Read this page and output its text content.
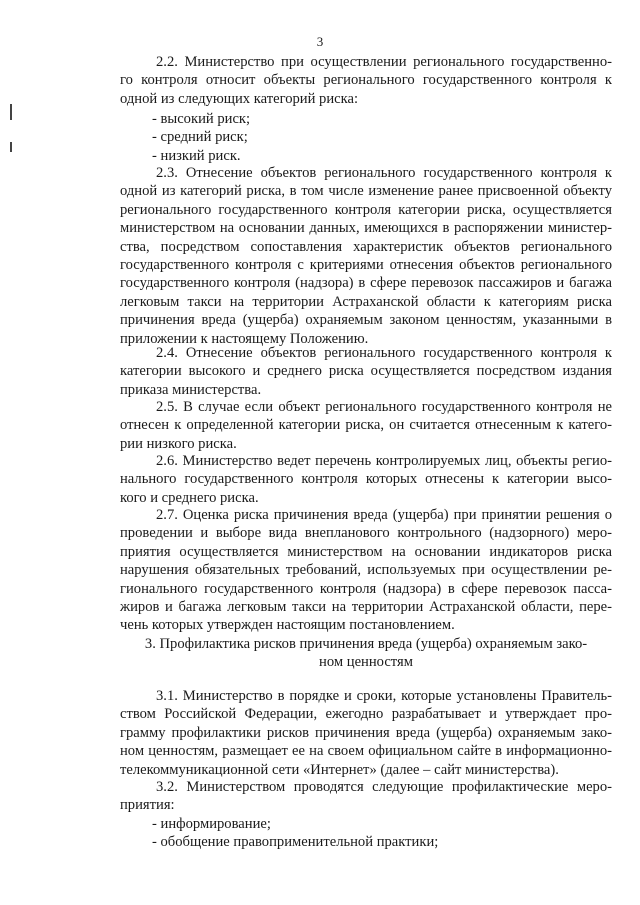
3
2.2. Министерство при осуществлении регионального государственно-
го контроля относит объекты регионального государственного контроля к
одной из следующих категорий риска:
- высокий риск;
- средний риск;
- низкий риск.
2.3. Отнесение объектов регионального государственного контроля к
одной из категорий риска, в том числе изменение ранее присвоенной объекту
регионального государственного контроля категории риска, осуществляется
министерством на основании данных, имеющихся в распоряжении министер-
ства, посредством сопоставления характеристик объектов регионального
государственного контроля с критериями отнесения объектов регионального
государственного контроля (надзора) в сфере перевозок пассажиров и багажа
легковым такси на территории Астраханской области к категориям риска
причинения вреда (ущерба) охраняемым законом ценностям, указанными в
приложении к настоящему Положению.
2.4. Отнесение объектов регионального государственного контроля к
категории высокого и среднего риска осуществляется посредством издания
приказа министерства.
2.5. В случае если объект регионального государственного контроля не
отнесен к определенной категории риска, он считается отнесенным к катего-
рии низкого риска.
2.6. Министерство ведет перечень контролируемых лиц, объекты регио-
нального государственного контроля которых отнесены к категории высо-
кого и среднего риска.
2.7. Оценка риска причинения вреда (ущерба) при принятии решения о
проведении и выборе вида внепланового контрольного (надзорного) меро-
приятия осуществляется министерством на основании индикаторов риска
нарушения обязательных требований, используемых при осуществлении ре-
гионального государственного контроля (надзора) в сфере перевозок пасса-
жиров и багажа легковым такси на территории Астраханской области, пере-
чень которых утвержден настоящим постановлением.
3. Профилактика рисков причинения вреда (ущерба) охраняемым зако-
ном ценностям
3.1. Министерство в порядке и сроки, которые установлены Правитель-
ством Российской Федерации, ежегодно разрабатывает и утверждает про-
грамму профилактики рисков причинения вреда (ущерба) охраняемым зако-
ном ценностям, размещает ее на своем официальном сайте в информационно-
телекоммуникационной сети «Интернет» (далее – сайт министерства).
3.2. Министерством проводятся следующие профилактические меро-
приятия:
- информирование;
- обобщение правоприменительной практики;
